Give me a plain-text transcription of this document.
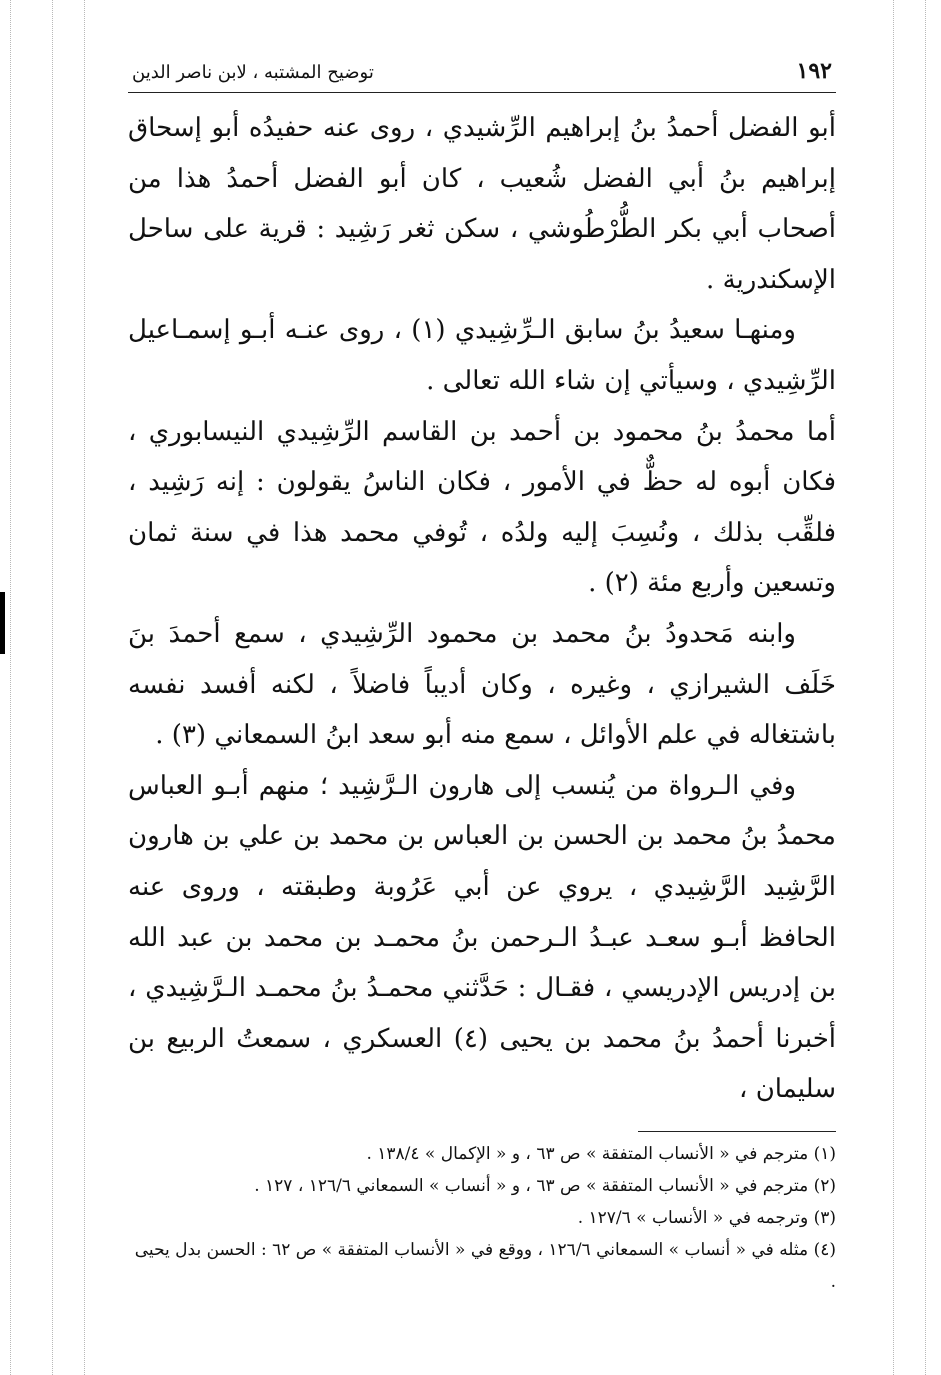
١٩٢
توضيح المشتبه ، لابن ناصر الدين

أبو الفضل أحمدُ بنُ إبراهيم الرِّشيدي ، روى عنه حفيدُه أبو إسحاق إبراهيم بنُ أبي الفضل شُعيب ، كان أبو الفضل أحمدُ هذا من أصحاب أبي بكر الطُّرْطُوشي ، سكن ثغر رَشِيد : قرية على ساحل الإسكندرية .

ومنهـا سعيدُ بنُ سابق الـرِّشِيدي (١) ، روى عنـه أبـو إسمـاعيل الرِّشِيدي ، وسيأتي إن شاء الله تعالى .

أما محمدُ بنُ محمود بن أحمد بن القاسم الرِّشِيدي النيسابوري ، فكان أبوه له حظٌّ في الأمور ، فكان الناسُ يقولون : إنه رَشِيد ، فلقِّب بذلك ، ونُسِبَ إليه ولدُه ، تُوفي محمد هذا في سنة ثمان وتسعين وأربع مئة (٢) .

وابنه مَحدودُ بنُ محمد بن محمود الرِّشِيدي ، سمع أحمدَ بنَ خَلَف الشيرازي ، وغيره ، وكان أديباً فاضلاً ، لكنه أفسد نفسه باشتغاله في علم الأوائل ، سمع منه أبو سعد ابنُ السمعاني (٣) .

وفي الـرواة من يُنسب إلى هارون الـرَّشِيد ؛ منهم أبـو العباس محمدُ بنُ محمد بن الحسن بن العباس بن محمد بن علي بن هارون الرَّشِيد الرَّشِيدي ، يروي عن أبي عَرُوبة وطبقته ، وروى عنه الحافظ أبـو سعـد عبـدُ الـرحمن بنُ محمـد بن محمد بن عبد الله بن إدريس الإدريسي ، فقـال : حَدَّثني محمـدُ بنُ محمـد الـرَّشِيدي ، أخبرنا أحمدُ بنُ محمد بن يحيى (٤) العسكري ، سمعتُ الربيع بن سليمان ،

(١) مترجم في « الأنساب المتفقة » ص ٦٣ ، و « الإكمال » ١٣٨/٤ .

(٢) مترجم في « الأنساب المتفقة » ص ٦٣ ، و « أنساب » السمعاني ١٢٦/٦ ، ١٢٧ .

(٣) وترجمه في « الأنساب » ١٢٧/٦ .

(٤) مثله في « أنساب » السمعاني ١٢٦/٦ ، ووقع في « الأنساب المتفقة » ص ٦٢ : الحسن بدل يحيى .
